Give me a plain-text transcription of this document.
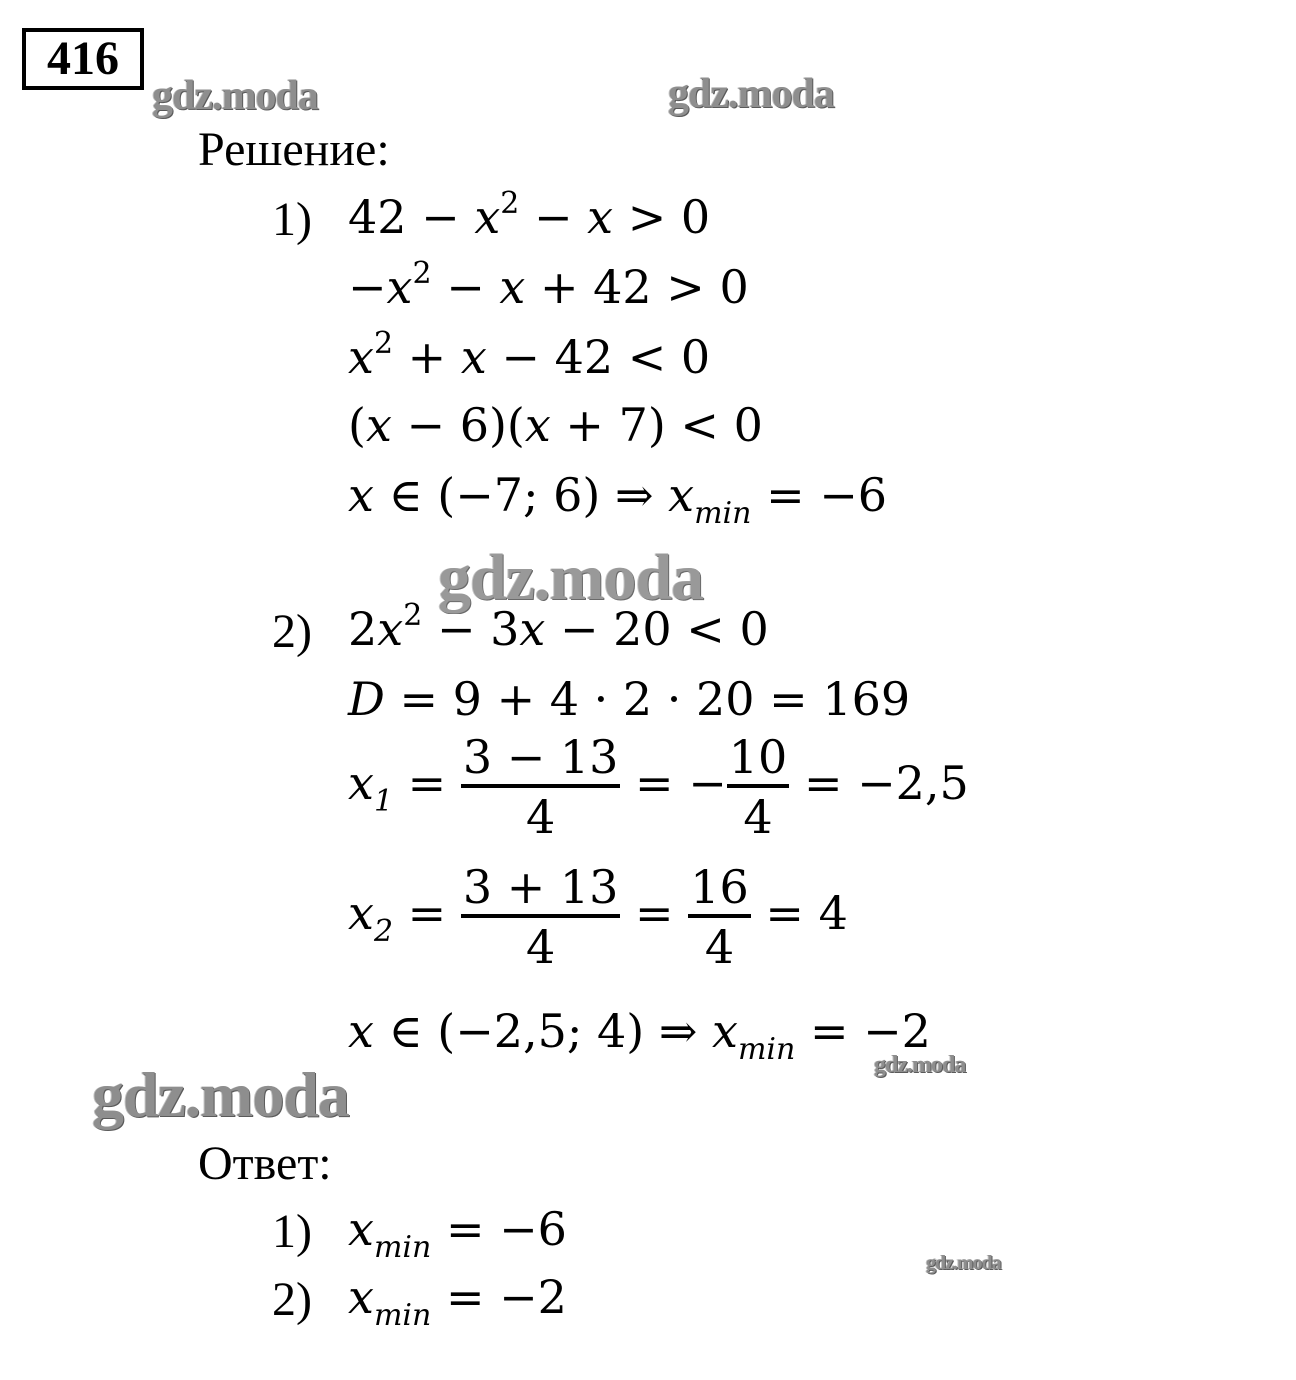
416
gdz.moda	gdz.moda
gdz.moda
gdz.moda	gdz.moda
gdz.moda
Решение:
1) $42 - x^2 - x > 0$
$-x^2 - x + 42 > 0$
$x^2 + x - 42 < 0$
(x − 6)(x + 7) < 0
x ∈ (−7; 6) ⇒ $x_{min} = -6$
2) $2x^2 - 3x - 20 < 0$
D = 9 + 4 · 2 · 20 = 169
$x_1 = \frac{3 - 13}{4}$ = − $\frac{10}{4} = -2,5$
$x_2 = \frac{3 + 13}{4} = \frac{16}{4} = 4$
x ∈ (−2,5; 4) ⇒ $x_{min} = -2$
Ответ:
1) $x_{min} = -6$
2) $x_{min} = -2$
